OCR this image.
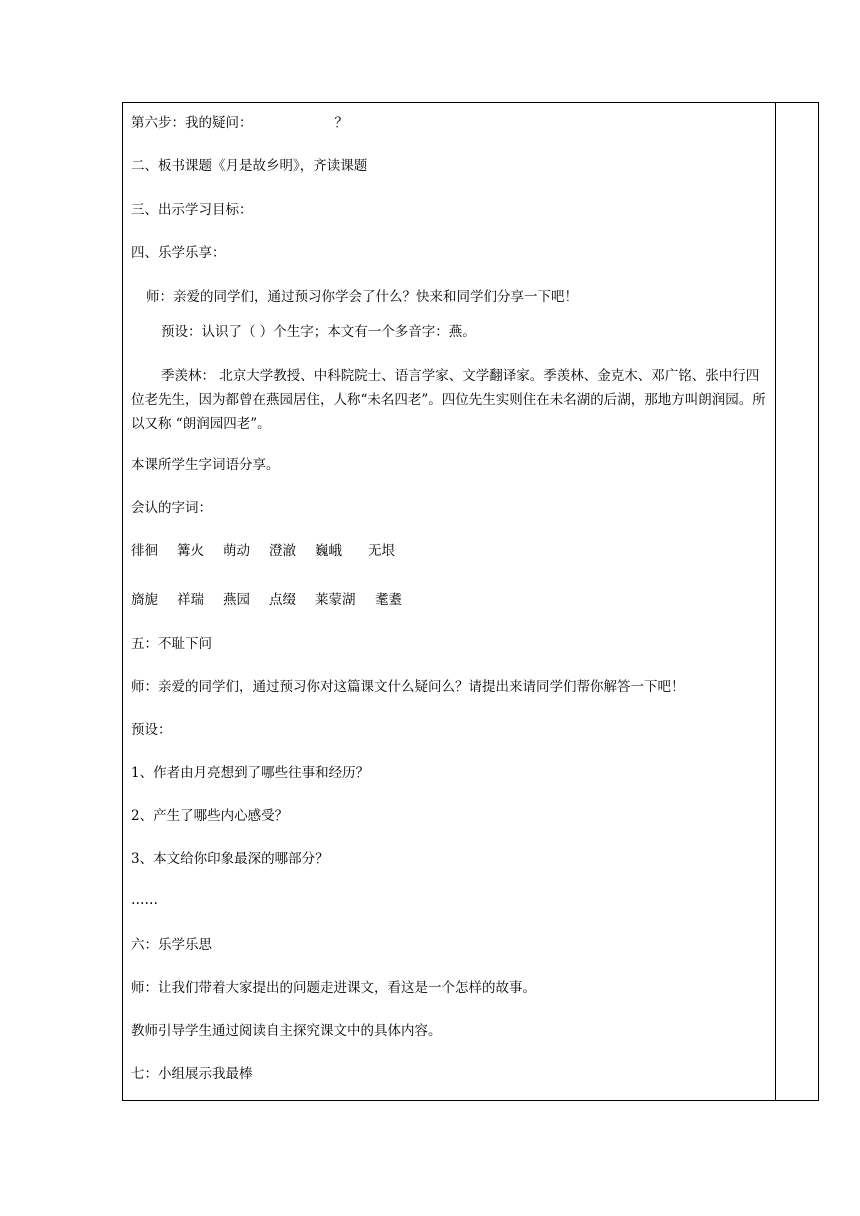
第六步：我的疑问：	？
二、板书课题《月是故乡明》，齐读课题
三、出示学习目标：
四、乐学乐享：
师：亲爱的同学们，通过预习你学会了什么？快来和同学们分享一下吧！
预设：认识了（ ）个生字；本文有一个多音字：燕。
季羡林： 北京大学教授、中科院院士、语言学家、文学翻译家。季羡林、金克木、邓广铭、张中行四位老先生，因为都曾在燕园居住，人称“未名四老”。四位先生实则住在未名湖的后湖，那地方叫朗润园。所以又称 “朗润园四老”。
本课所学生字词语分享。
会认的字词：
徘徊 篝火 萌动 澄澈 巍峨 无垠
旖旎 祥瑞 燕园 点缀 莱蒙湖 耄耋
五：不耻下问
师：亲爱的同学们，通过预习你对这篇课文什么疑问么？请提出来请同学们帮你解答一下吧！
预设：
1、作者由月亮想到了哪些往事和经历？
2、产生了哪些内心感受？
3、本文给你印象最深的哪部分？
……
六：乐学乐思
师：让我们带着大家提出的问题走进课文，看这是一个怎样的故事。
教师引导学生通过阅读自主探究课文中的具体内容。
七：小组展示我最棒
